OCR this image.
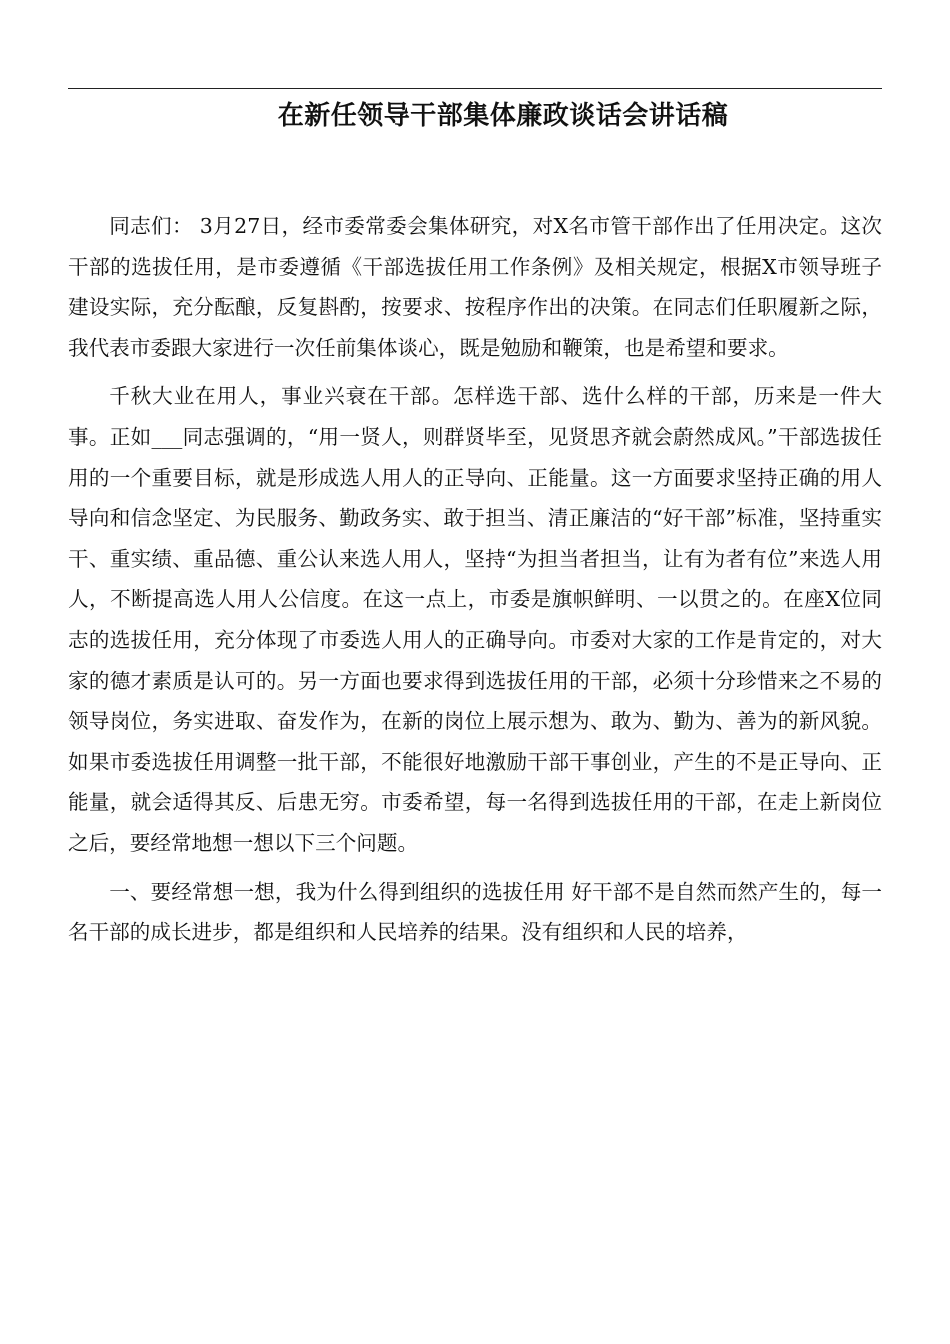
在新任领导干部集体廉政谈话会讲话稿

同志们： 3月27日，经市委常委会集体研究，对X名市管干部作出了任用决定。这次干部的选拔任用，是市委遵循《干部选拔任用工作条例》及相关规定，根据X市领导班子建设实际，充分酝酿，反复斟酌，按要求、按程序作出的决策。在同志们任职履新之际，我代表市委跟大家进行一次任前集体谈心，既是勉励和鞭策，也是希望和要求。

千秋大业在用人，事业兴衰在干部。怎样选干部、选什么样的干部，历来是一件大事。正如___同志强调的，“用一贤人，则群贤毕至，见贤思齐就会蔚然成风。”干部选拔任用的一个重要目标，就是形成选人用人的正导向、正能量。这一方面要求坚持正确的用人导向和信念坚定、为民服务、勤政务实、敢于担当、清正廉洁的“好干部”标准，坚持重实干、重实绩、重品德、重公认来选人用人，坚持“为担当者担当，让有为者有位”来选人用人，不断提高选人用人公信度。在这一点上，市委是旗帜鲜明、一以贯之的。在座X位同志的选拔任用，充分体现了市委选人用人的正确导向。市委对大家的工作是肯定的，对大家的德才素质是认可的。另一方面也要求得到选拔任用的干部，必须十分珍惜来之不易的领导岗位，务实进取、奋发作为，在新的岗位上展示想为、敢为、勤为、善为的新风貌。如果市委选拔任用调整一批干部，不能很好地激励干部干事创业，产生的不是正导向、正能量，就会适得其反、后患无穷。市委希望，每一名得到选拔任用的干部，在走上新岗位之后，要经常地想一想以下三个问题。

一、要经常想一想，我为什么得到组织的选拔任用 好干部不是自然而然产生的，每一名干部的成长进步，都是组织和人民培养的结果。没有组织和人民的培养，
